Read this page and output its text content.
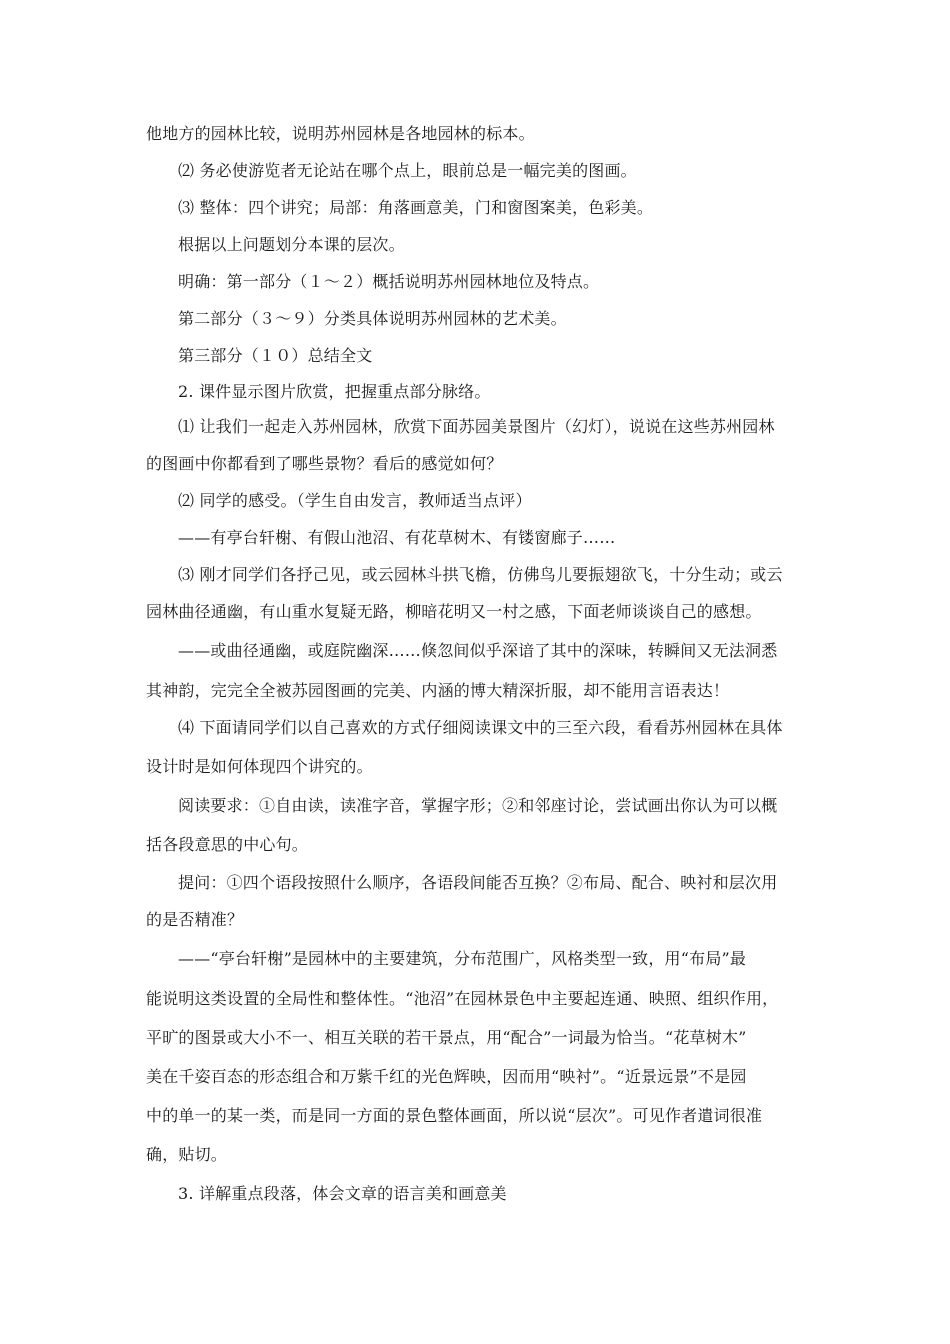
他地方的园林比较，说明苏州园林是各地园林的标本。
⑵ 务必使游览者无论站在哪个点上，眼前总是一幅完美的图画。
⑶ 整体：四个讲究；局部：角落画意美，门和窗图案美，色彩美。
根据以上问题划分本课的层次。
明确：第一部分（１～２）概括说明苏州园林地位及特点。
第二部分（３～９）分类具体说明苏州园林的艺术美。
第三部分（１０）总结全文
2. 课件显示图片欣赏，把握重点部分脉络。
⑴ 让我们一起走入苏州园林，欣赏下面苏园美景图片（幻灯），说说在这些苏州园林
的图画中你都看到了哪些景物？看后的感觉如何？
⑵ 同学的感受。（学生自由发言，教师适当点评）
——有亭台轩榭、有假山池沼、有花草树木、有镂窗廊子……
⑶ 刚才同学们各抒己见，或云园林斗拱飞檐，仿佛鸟儿要振翅欲飞，十分生动；或云
园林曲径通幽，有山重水复疑无路，柳暗花明又一村之感，下面老师谈谈自己的感想。
——或曲径通幽，或庭院幽深……倏忽间似乎深谙了其中的深味，转瞬间又无法洞悉
其神韵，完完全全被苏园图画的完美、内涵的博大精深折服，却不能用言语表达！
⑷ 下面请同学们以自己喜欢的方式仔细阅读课文中的三至六段，看看苏州园林在具体
设计时是如何体现四个讲究的。
阅读要求：①自由读，读准字音，掌握字形；②和邻座讨论，尝试画出你认为可以概
括各段意思的中心句。
提问：①四个语段按照什么顺序，各语段间能否互换？②布局、配合、映衬和层次用
的是否精准？
——“亭台轩榭”是园林中的主要建筑，分布范围广，风格类型一致，用“布局”最
能说明这类设置的全局性和整体性。“池沼”在园林景色中主要起连通、映照、组织作用，
平旷的图景或大小不一、相互关联的若干景点，用“配合”一词最为恰当。“花草树木”
美在千姿百态的形态组合和万紫千红的光色辉映，因而用“映衬”。“近景远景”不是园
中的单一的某一类，而是同一方面的景色整体画面，所以说“层次”。可见作者遣词很准
确，贴切。
3. 详解重点段落，体会文章的语言美和画意美
